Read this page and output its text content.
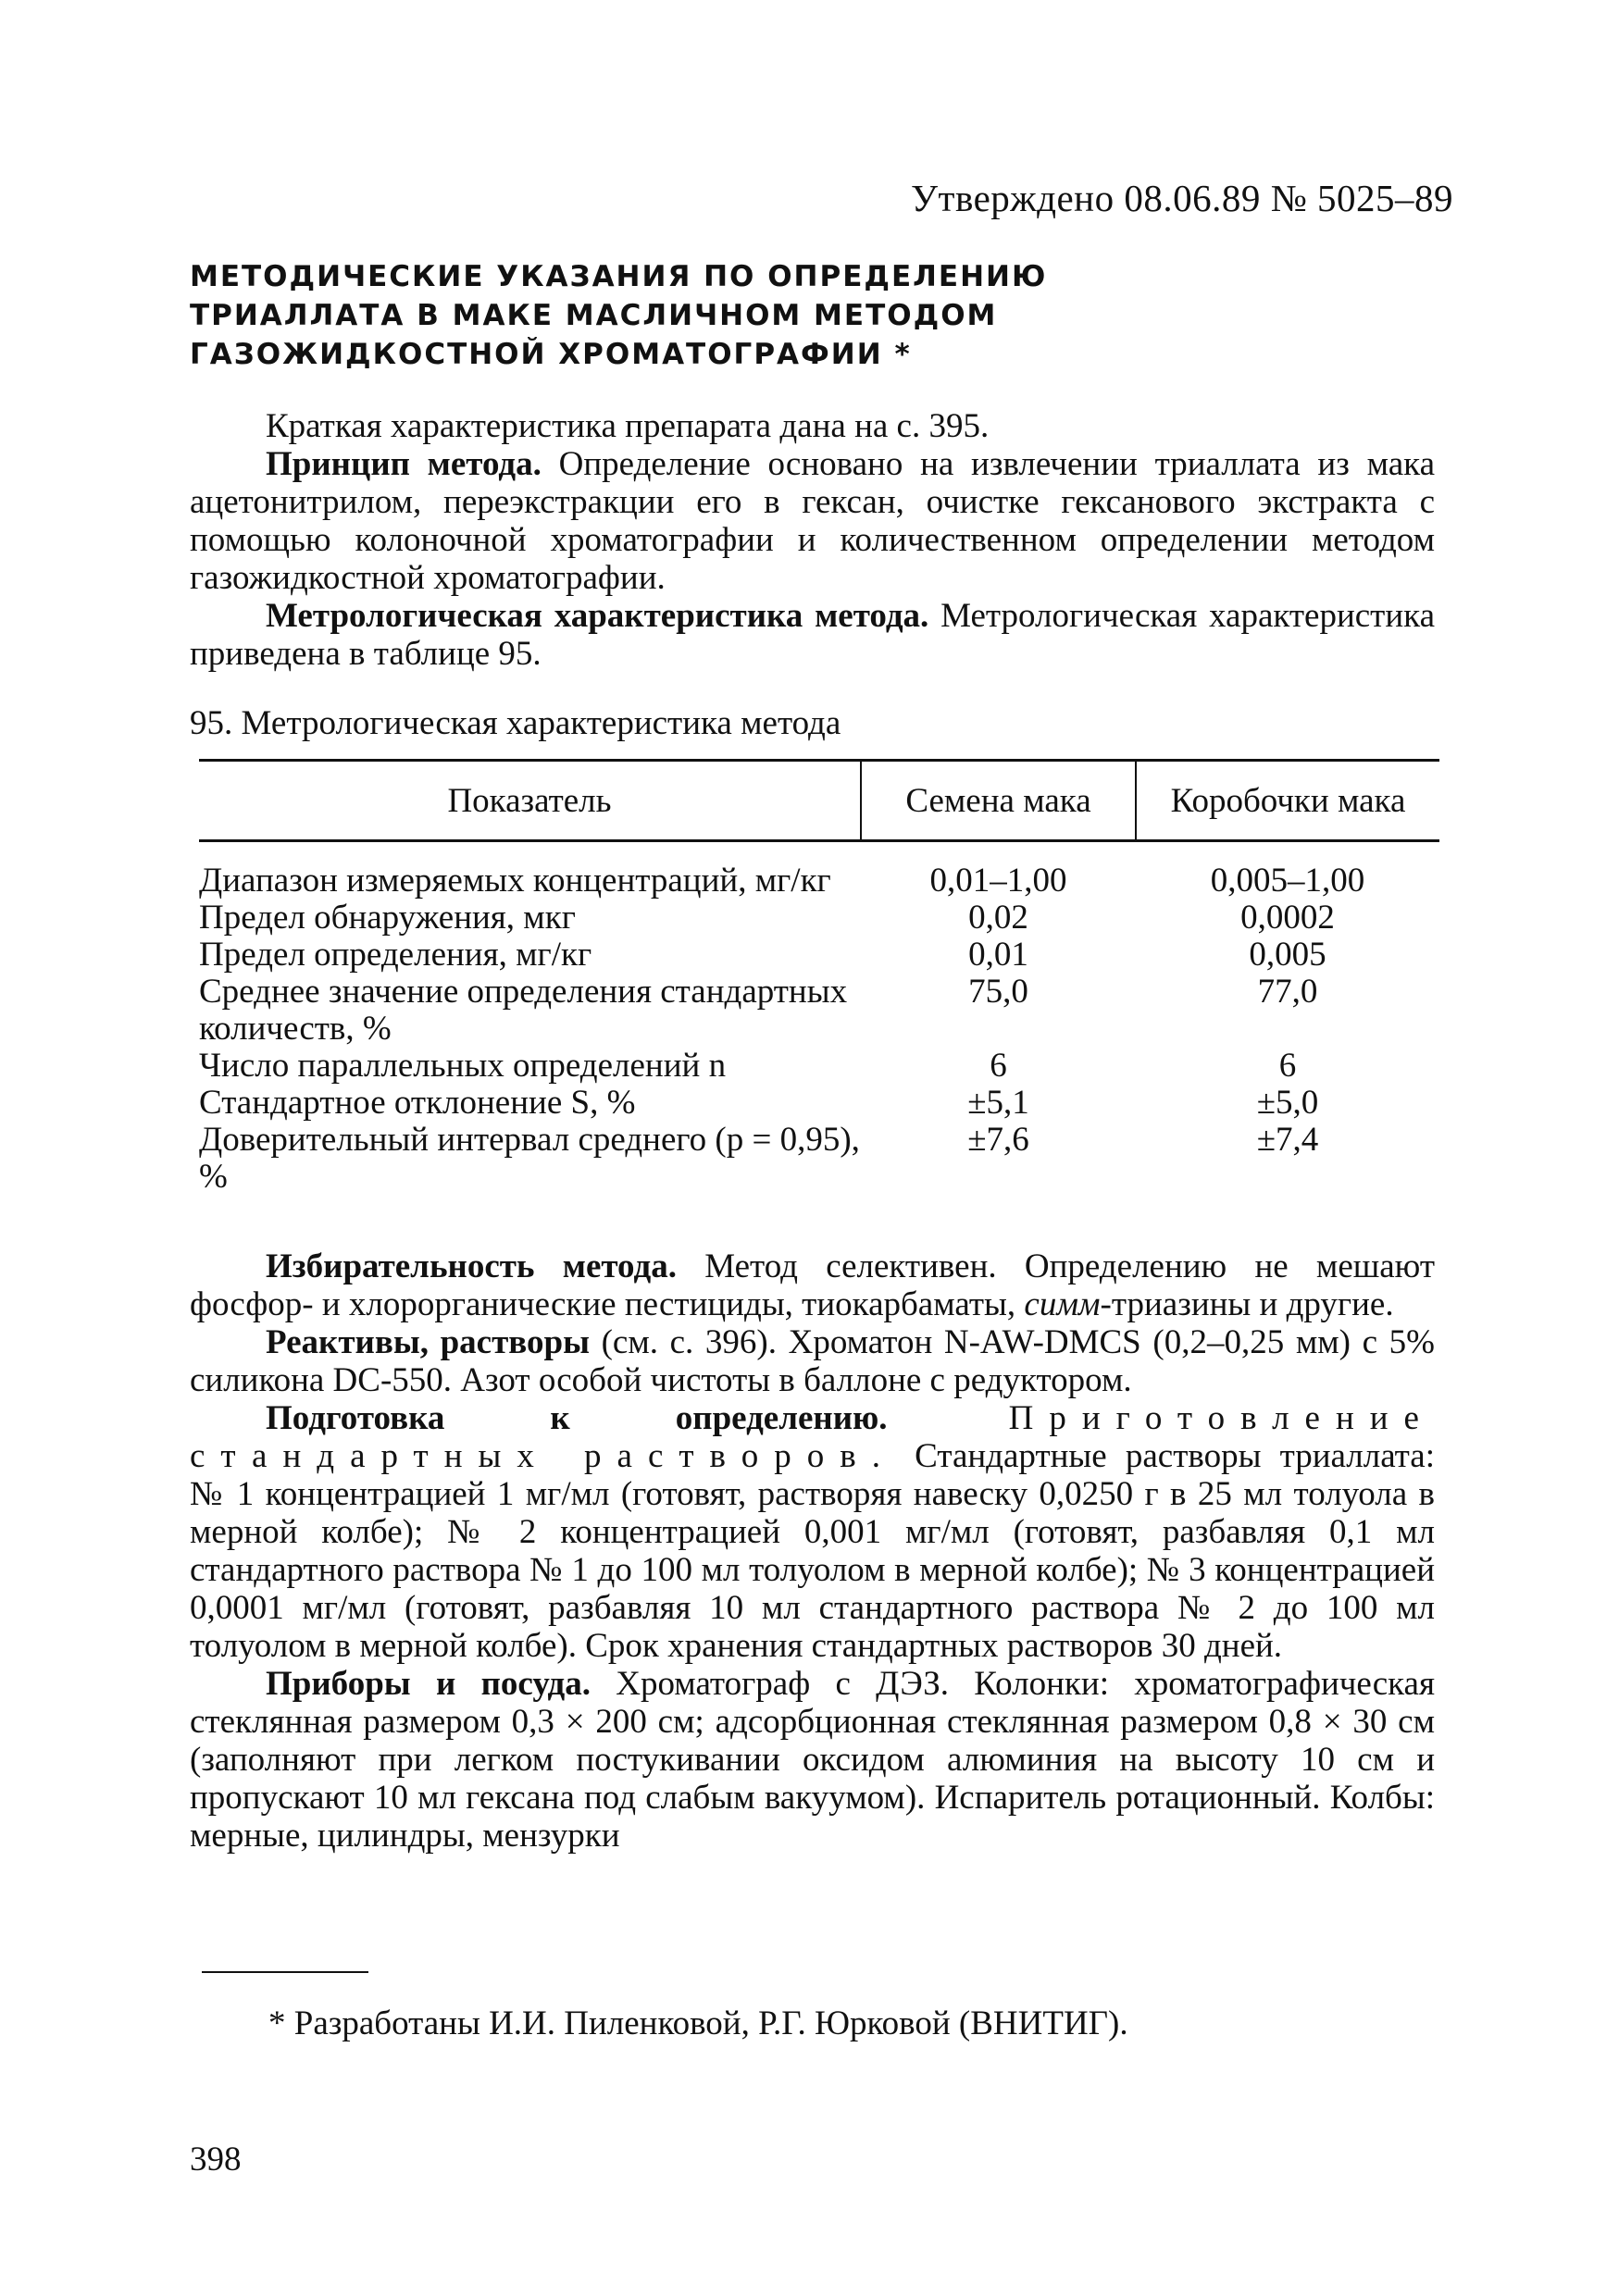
Утверждено 08.06.89 № 5025–89
МЕТОДИЧЕСКИЕ УКАЗАНИЯ ПО ОПРЕДЕЛЕНИЮ
ТРИАЛЛАТА В МАКЕ МАСЛИЧНОМ МЕТОДОМ
ГАЗОЖИДКОСТНОЙ ХРОМАТОГРАФИИ *

Краткая характеристика препарата дана на с. 395.

Принцип метода. Определение основано на извлечении триаллата из мака ацетонитрилом, переэкстракции его в гексан, очистке гексанового экстракта с помощью колоночной хроматографии и количественном определении методом газожидкостной хроматографии.

Метрологическая характеристика метода. Метрологическая характеристика приведена в таблице 95.

95. Метрологическая характеристика метода
Показатель	Семена мака	Коробочки мака
Диапазон измеряемых концентраций, мг/кг	0,01–1,00	0,005–1,00
Предел обнаружения, мкг	0,02	0,0002
Предел определения, мг/кг	0,01	0,005
Среднее значение определения стандартных количеств, %	75,0	77,0
Число параллельных определений n	6	6
Стандартное отклонение S, %	±5,1	±5,0
Доверительный интервал среднего (p = 0,95), %	±7,6	±7,4

Избирательность метода. Метод селективен. Определению не мешают фосфор- и хлорорганические пестициды, тиокарбаматы, симм-триазины и другие.

Реактивы, растворы (см. с. 396). Хроматон N-AW-DMCS (0,2–0,25 мм) с 5% силикона DC-550. Азот особой чистоты в баллоне с редуктором.

Подготовка к определению. Приготовление стандартных растворов. Стандартные растворы триаллата: № 1 концентрацией 1 мг/мл (готовят, растворяя навеску 0,0250 г в 25 мл толуола в мерной колбе); № 2 концентрацией 0,001 мг/мл (готовят, разбавляя 0,1 мл стандартного раствора № 1 до 100 мл толуолом в мерной колбе); № 3 концентрацией 0,0001 мг/мл (готовят, разбавляя 10 мл стандартного раствора № 2 до 100 мл толуолом в мерной колбе). Срок хранения стандартных растворов 30 дней.

Приборы и посуда. Хроматограф с ДЭЗ. Колонки: хроматографическая стеклянная размером 0,3 × 200 см; адсорбционная стеклянная размером 0,8 × 30 см (заполняют при легком постукивании оксидом алюминия на высоту 10 см и пропускают 10 мл гексана под слабым вакуумом). Испаритель ротационный. Колбы: мерные, цилиндры, мензурки

* Разработаны И.И. Пиленковой, Р.Г. Юрковой (ВНИТИГ).
398
